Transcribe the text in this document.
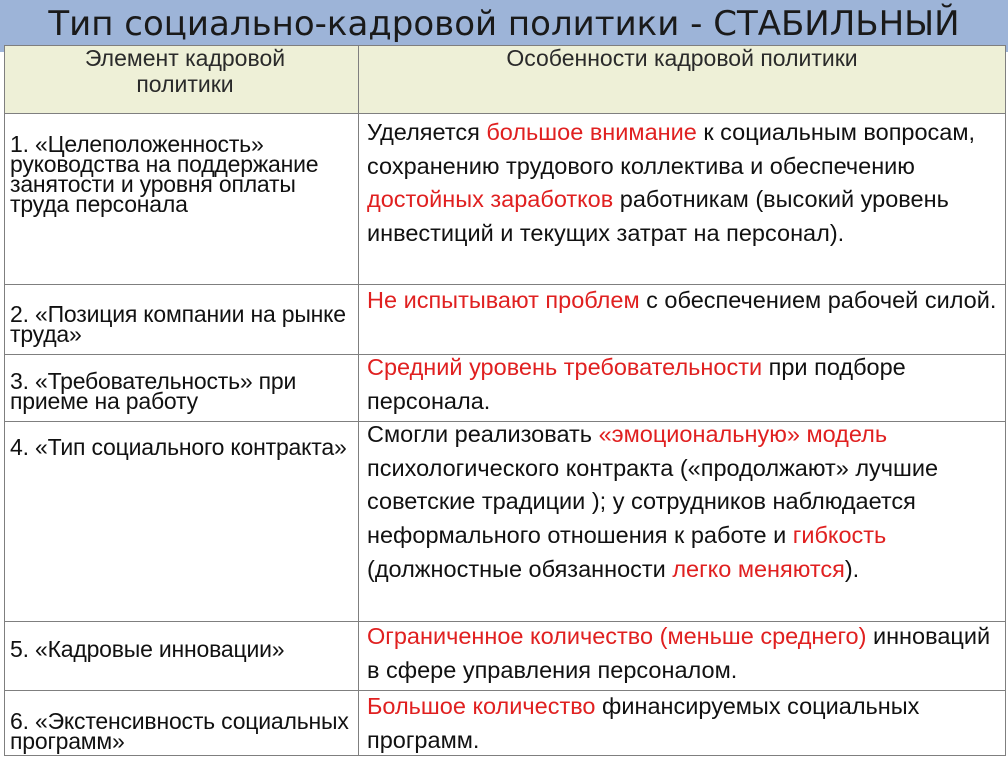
Тип социально-кадровой политики - СТАБИЛЬНЫЙ
Элемент кадровой политики
Особенности кадровой политики
1. «Целеположенность» руководства на поддержание занятости и уровня оплаты труда персонала
2. «Позиция компании на рынке труда»
3. «Требовательность» при приеме на работу
4. «Тип социального контракта»
5. «Кадровые инновации»
6. «Экстенсивность социальных программ»
Уделяется большое внимание к социальным вопросам, сохранению трудового коллектива и обеспечению достойных заработков работникам (высокий уровень инвестиций и текущих затрат на персонал).
Не испытывают проблем с обеспечением рабочей силой.
Средний уровень требовательности при подборе персонала.
Смогли реализовать «эмоциональную» модель психологического контракта («продолжают» лучшие советские традиции ); у сотрудников наблюдается неформального отношения к работе и гибкость (должностные обязанности легко меняются).
Ограниченное количество (меньше среднего) инноваций в сфере управления персоналом.
Большое количество финансируемых социальных программ.
